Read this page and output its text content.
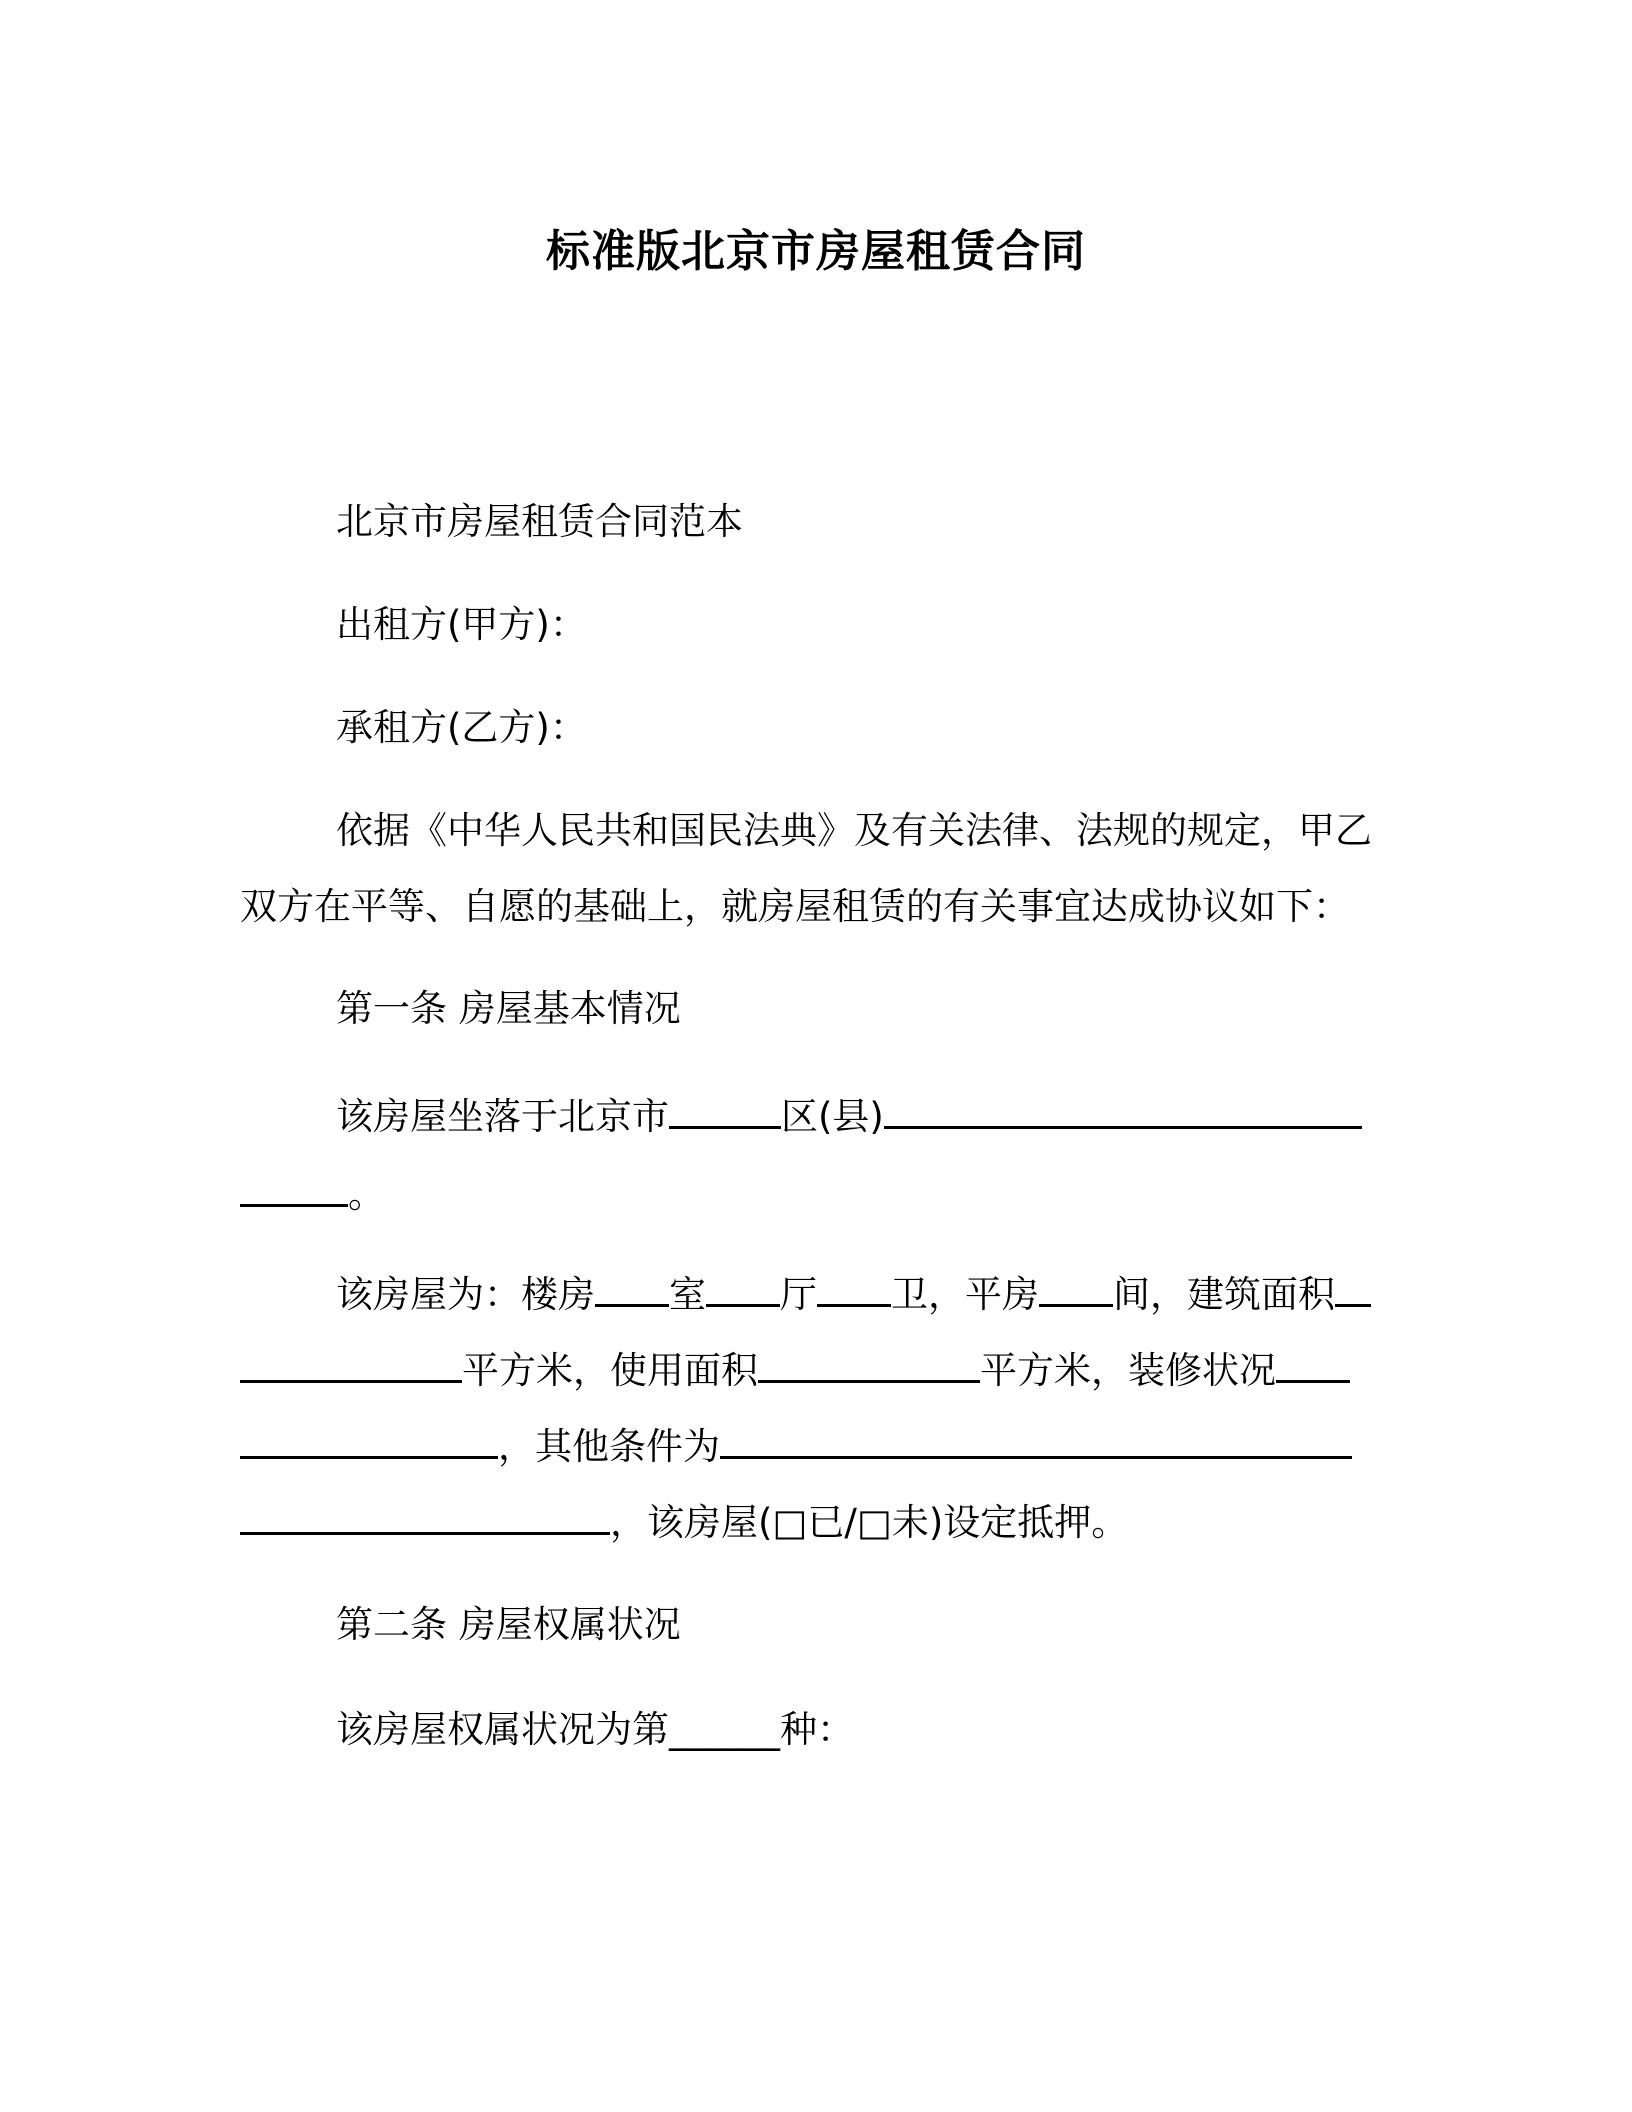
标准版北京市房屋租赁合同
北京市房屋租赁合同范本
出租方(甲方)：
承租方(乙方)：
依据《中华人民共和国民法典》及有关法律、法规的规定，甲乙
双方在平等、自愿的基础上，就房屋租赁的有关事宜达成协议如下：
第一条 房屋基本情况
该房屋坐落于北京市	区(县)
。
该房屋为：楼房 室 厅 卫，平房 间，建筑面积
平方米，使用面积	平方米，装修状况
，其他条件为
，该房屋(□已/□未)设定抵押。
第二条 房屋权属状况
该房屋权属状况为第______种：
